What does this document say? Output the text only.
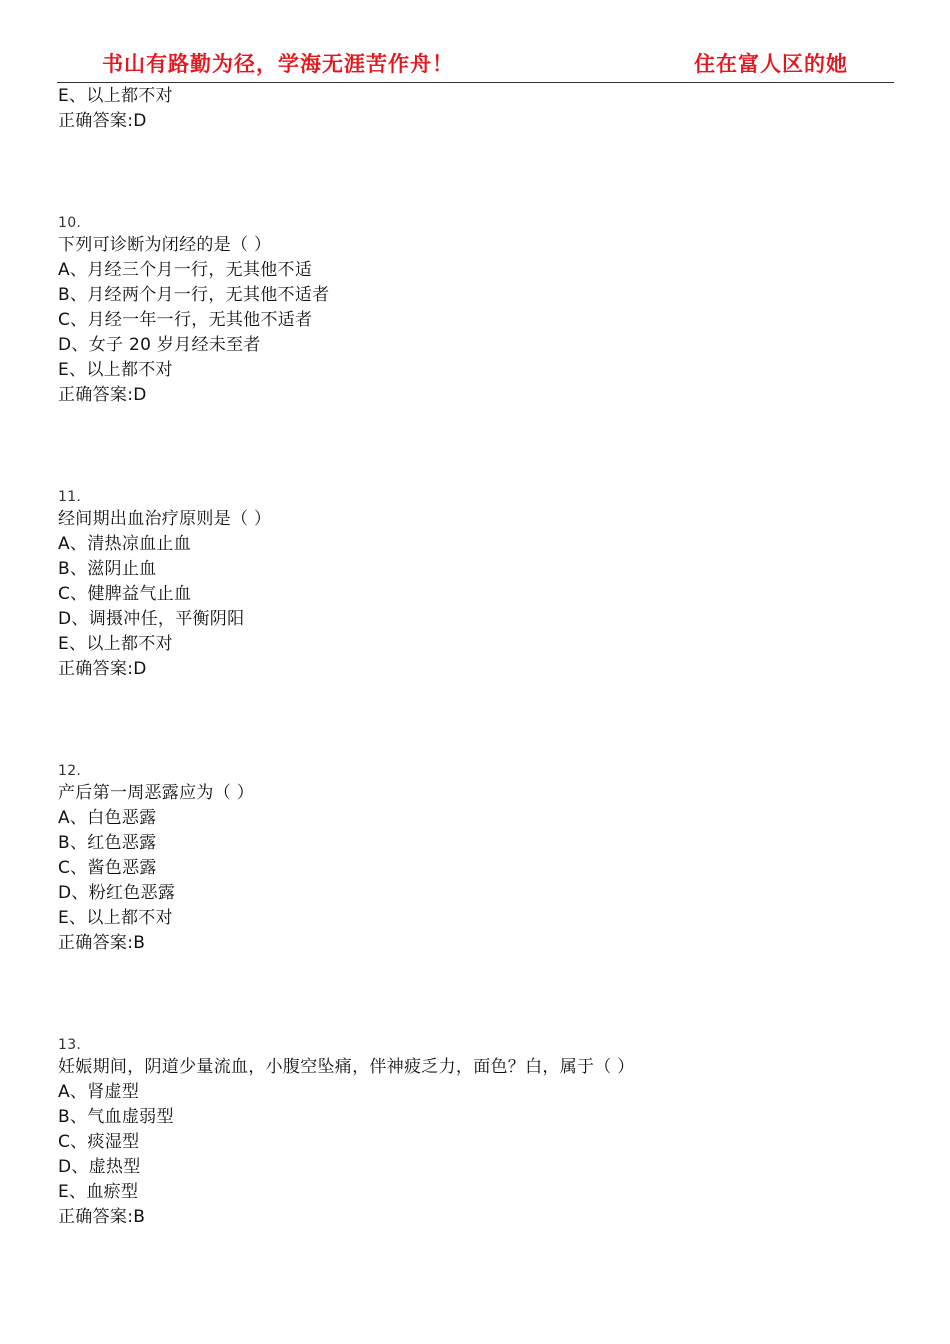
书山有路勤为径，学海无涯苦作舟！	住在富人区的她
E、以上都不对
正确答案:D
10.
下列可诊断为闭经的是（ ）
A、月经三个月一行，无其他不适
B、月经两个月一行，无其他不适者
C、月经一年一行，无其他不适者
D、女子 20 岁月经未至者
E、以上都不对
正确答案:D
11.
经间期出血治疗原则是（ ）
A、清热凉血止血
B、滋阴止血
C、健脾益气止血
D、调摄冲任，平衡阴阳
E、以上都不对
正确答案:D
12.
产后第一周恶露应为（ ）
A、白色恶露
B、红色恶露
C、酱色恶露
D、粉红色恶露
E、以上都不对
正确答案:B
13.
妊娠期间，阴道少量流血，小腹空坠痛，伴神疲乏力，面色？白，属于（ ）
A、肾虚型
B、气血虚弱型
C、痰湿型
D、虚热型
E、血瘀型
正确答案:B
